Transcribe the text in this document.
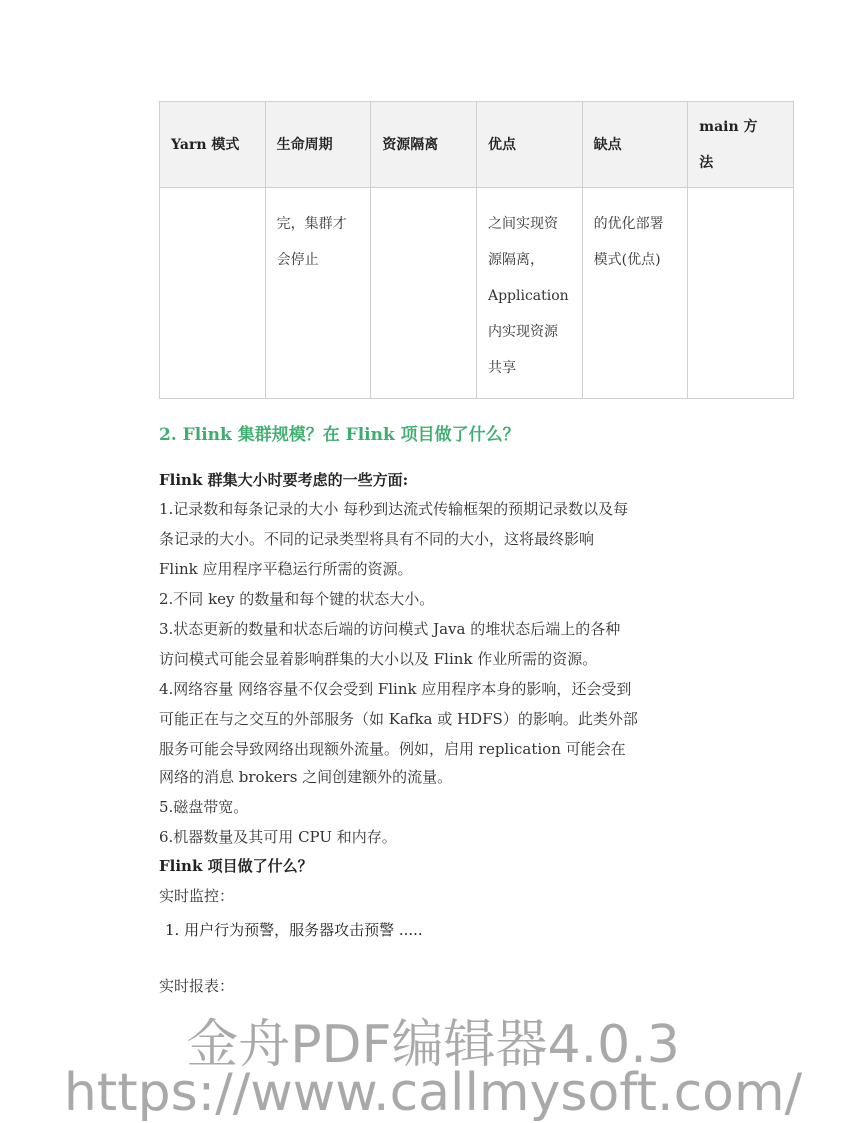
Yarn 模式	生命周期	资源隔离	优点	缺点	main 方
法

	完，集群才
会停止		之间实现资
源隔离，
Application
内实现资源
共享	的优化部署
模式(优点)	

2. Flink 集群规模？在 Flink 项目做了什么？

Flink 群集大小时要考虑的一些方面:

1.记录数和每条记录的大小 每秒到达流式传输框架的预期记录数以及每

条记录的大小。不同的记录类型将具有不同的大小，这将最终影响

Flink 应用程序平稳运行所需的资源。

2.不同 key 的数量和每个键的状态大小。

3.状态更新的数量和状态后端的访问模式 Java 的堆状态后端上的各种

访问模式可能会显着影响群集的大小以及 Flink 作业所需的资源。

4.网络容量 网络容量不仅会受到 Flink 应用程序本身的影响，还会受到

可能正在与之交互的外部服务（如 Kafka 或 HDFS）的影响。此类外部

服务可能会导致网络出现额外流量。例如，启用 replication 可能会在

网络的消息 brokers 之间创建额外的流量。

5.磁盘带宽。

6.机器数量及其可用 CPU 和内存。

Flink 项目做了什么？

实时监控：

1. 用户行为预警，服务器攻击预警 .....

实时报表：

金舟PDF编辑器4.0.3
https://www.callmysoft.com/
